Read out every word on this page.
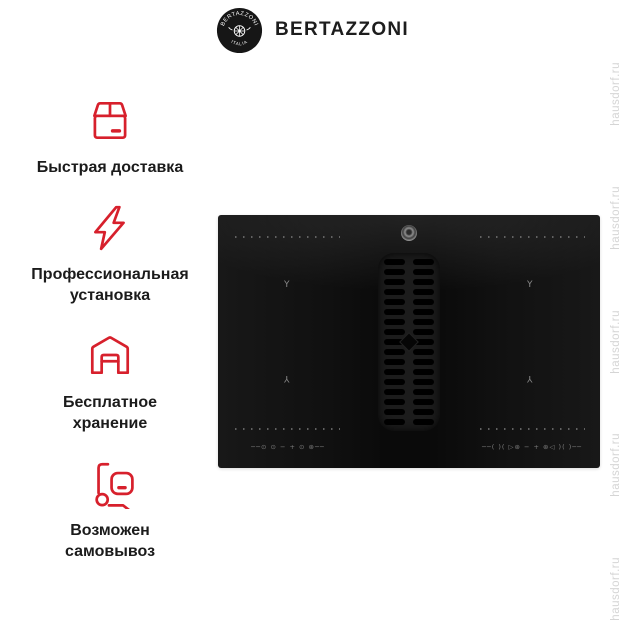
BERTAZZONI
ITALIA
BERTAZZONI
Быстрая доставка
Профессиональная установка
Бесплатное хранение
Возможен самовывоз
Y	Y
Y	Y
──⊙ ⊙ − + ⊙ ⊛──	──( )( ▷⊛ − + ⊛◁ )( )──
hausdorf.ru
hausdorf.ru
hausdorf.ru
hausdorf.ru
hausdorf.ru
